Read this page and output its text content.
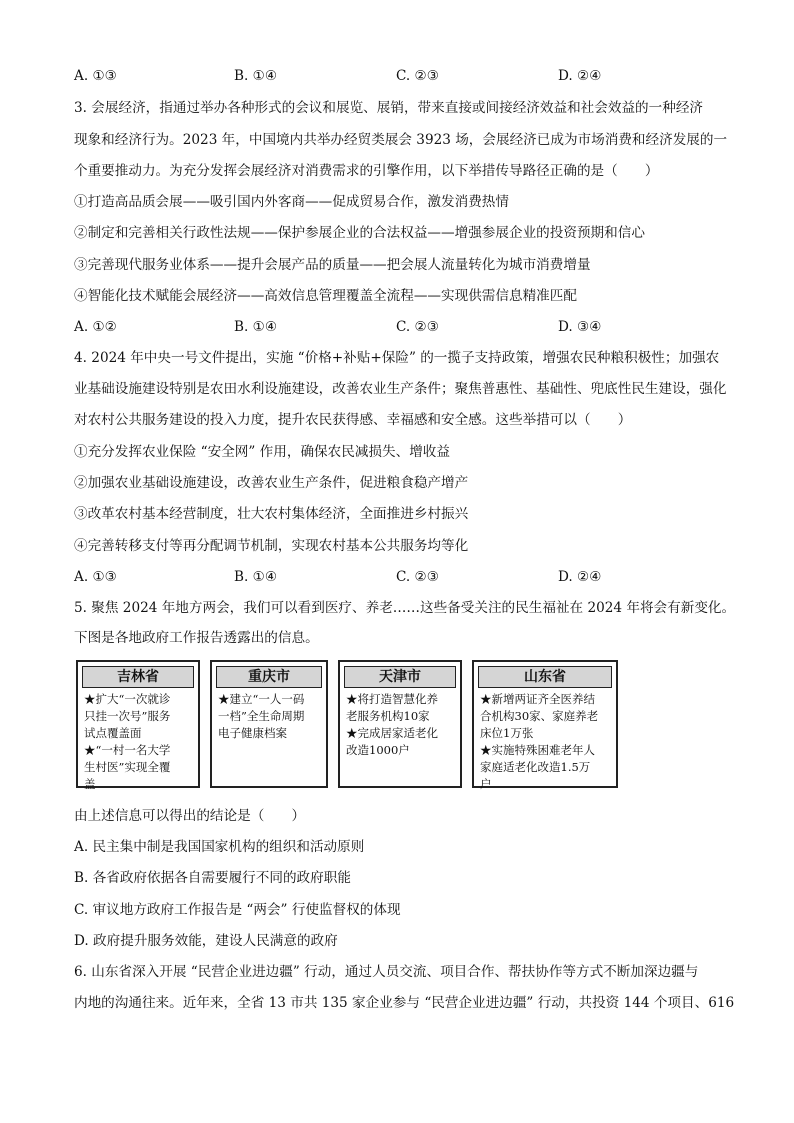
A. ①③	B. ①④	C. ②③	D. ②④
3. 会展经济，指通过举办各种形式的会议和展览、展销，带来直接或间接经济效益和社会效益的一种经济
现象和经济行为。2023 年，中国境内共举办经贸类展会 3923 场，会展经济已成为市场消费和经济发展的一
个重要推动力。为充分发挥会展经济对消费需求的引擎作用，以下举措传导路径正确的是（　　）
①打造高品质会展——吸引国内外客商——促成贸易合作，激发消费热情
②制定和完善相关行政性法规——保护参展企业的合法权益——增强参展企业的投资预期和信心
③完善现代服务业体系——提升会展产品的质量——把会展人流量转化为城市消费增量
④智能化技术赋能会展经济——高效信息管理覆盖全流程——实现供需信息精准匹配
A. ①②	B. ①④	C. ②③	D. ③④
4. 2024 年中央一号文件提出，实施 “价格+补贴+保险” 的一揽子支持政策，增强农民种粮积极性；加强农
业基础设施建设特别是农田水利设施建设，改善农业生产条件；聚焦普惠性、基础性、兜底性民生建设，强化
对农村公共服务建设的投入力度，提升农民获得感、幸福感和安全感。这些举措可以（　　）
①充分发挥农业保险 “安全网” 作用，确保农民减损失、增收益
②加强农业基础设施建设，改善农业生产条件，促进粮食稳产增产
③改革农村基本经营制度，壮大农村集体经济，全面推进乡村振兴
④完善转移支付等再分配调节机制，实现农村基本公共服务均等化
A. ①③	B. ①④	C. ②③	D. ②④
5. 聚焦 2024 年地方两会，我们可以看到医疗、养老……这些备受关注的民生福祉在 2024 年将会有新变化。
下图是各地政府工作报告透露出的信息。
吉林省
★扩大“一次就诊
只挂一次号”服务
试点覆盖面
★“一村一名大学
生村医”实现全覆
盖
重庆市
★建立“一人一码
一档”全生命周期
电子健康档案
天津市
★将打造智慧化养
老服务机构10家
★完成居家适老化
改造1000户
山东省
★新增两证齐全医养结
合机构30家、家庭养老
床位1万张
★实施特殊困难老年人
家庭适老化改造1.5万
户
由上述信息可以得出的结论是（　　）
A. 民主集中制是我国国家机构的组织和活动原则
B. 各省政府依据各自需要履行不同的政府职能
C. 审议地方政府工作报告是 “两会” 行使监督权的体现
D. 政府提升服务效能，建设人民满意的政府
6. 山东省深入开展 “民营企业进边疆” 行动，通过人员交流、项目合作、帮扶协作等方式不断加深边疆与
内地的沟通往来。近年来，全省 13 市共 135 家企业参与 “民营企业进边疆” 行动，共投资 144 个项目、616
